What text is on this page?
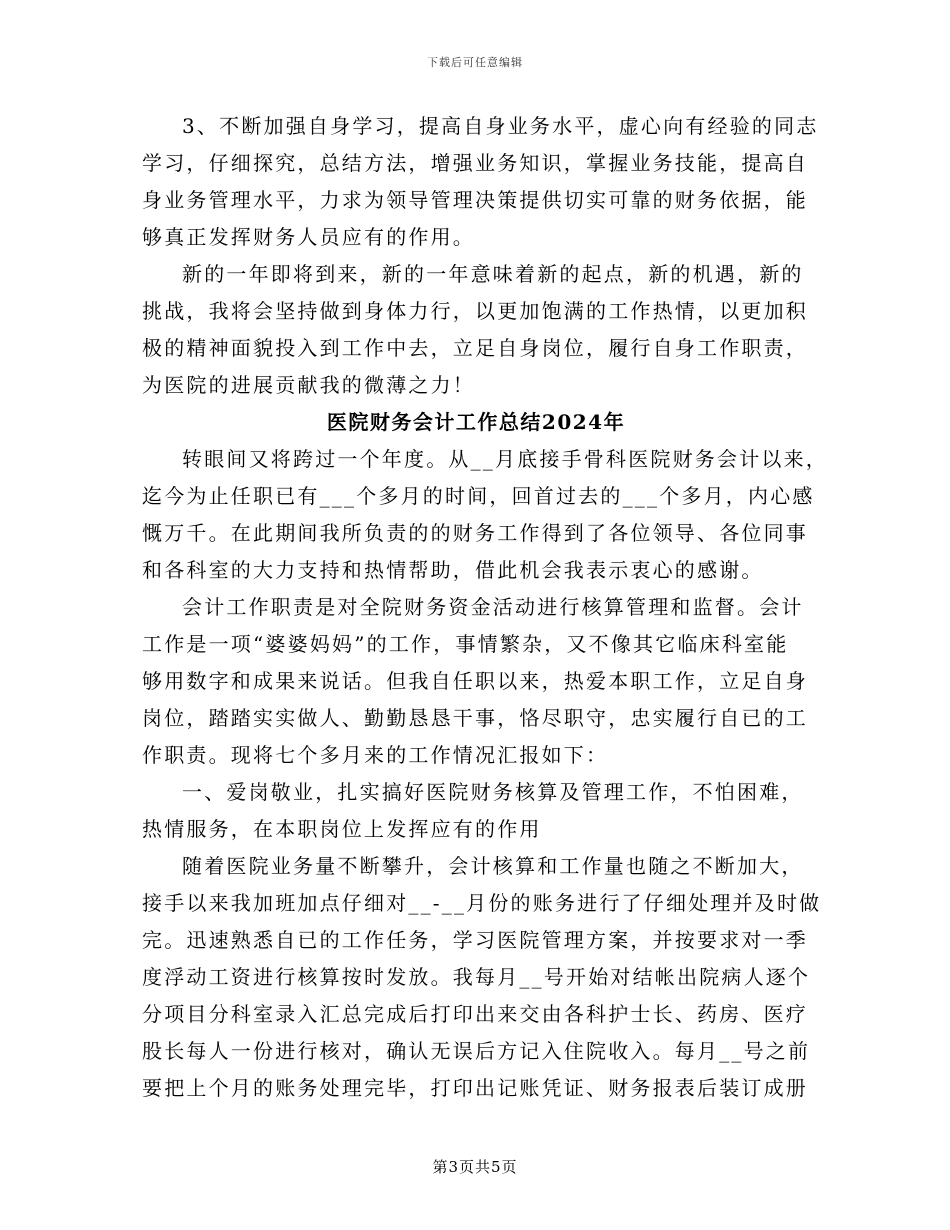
下载后可任意编辑
3、不断加强自身学习，提高自身业务水平，虚心向有经验的同志
学习，仔细探究，总结方法，增强业务知识，掌握业务技能，提高自
身业务管理水平，力求为领导管理决策提供切实可靠的财务依据，能
够真正发挥财务人员应有的作用。
新的一年即将到来，新的一年意味着新的起点，新的机遇，新的
挑战，我将会坚持做到身体力行，以更加饱满的工作热情，以更加积
极的精神面貌投入到工作中去，立足自身岗位，履行自身工作职责，
为医院的进展贡献我的微薄之力！
医院财务会计工作总结2024年
转眼间又将跨过一个年度。从__月底接手骨科医院财务会计以来，
迄今为止任职已有___个多月的时间，回首过去的___个多月，内心感
慨万千。在此期间我所负责的的财务工作得到了各位领导、各位同事
和各科室的大力支持和热情帮助，借此机会我表示衷心的感谢。
会计工作职责是对全院财务资金活动进行核算管理和监督。会计
工作是一项“婆婆妈妈”的工作，事情繁杂，又不像其它临床科室能
够用数字和成果来说话。但我自任职以来，热爱本职工作，立足自身
岗位，踏踏实实做人、勤勤恳恳干事，恪尽职守，忠实履行自已的工
作职责。现将七个多月来的工作情况汇报如下：
一、爱岗敬业，扎实搞好医院财务核算及管理工作，不怕困难，
热情服务，在本职岗位上发挥应有的作用
随着医院业务量不断攀升，会计核算和工作量也随之不断加大，
接手以来我加班加点仔细对__-__月份的账务进行了仔细处理并及时做
完。迅速熟悉自已的工作任务，学习医院管理方案，并按要求对一季
度浮动工资进行核算按时发放。我每月__号开始对结帐出院病人逐个
分项目分科室录入汇总完成后打印出来交由各科护士长、药房、医疗
股长每人一份进行核对，确认无误后方记入住院收入。每月__号之前
要把上个月的账务处理完毕，打印出记账凭证、财务报表后装订成册
第3页共5页
